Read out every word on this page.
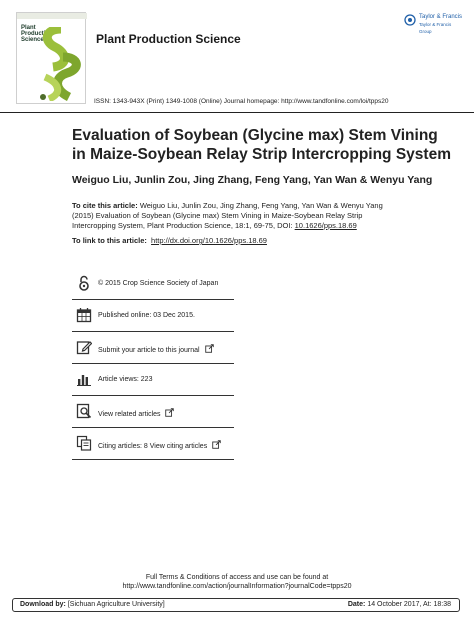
Plant Production Science	Plant Production Science
Taylor & Francis
Taylor & Francis Group
ISSN: 1343-943X (Print) 1349-1008 (Online) Journal homepage: http://www.tandfonline.com/loi/tpps20
Evaluation of Soybean (Glycine max) Stem Vining in Maize-Soybean Relay Strip Intercropping System
Weiguo Liu, Junlin Zou, Jing Zhang, Feng Yang, Yan Wan & Wenyu Yang
To cite this article: Weiguo Liu, Junlin Zou, Jing Zhang, Feng Yang, Yan Wan & Wenyu Yang (2015) Evaluation of Soybean (Glycine max) Stem Vining in Maize-Soybean Relay Strip Intercropping System, Plant Production Science, 18:1, 69-75, DOI: 10.1626/pps.18.69
To link to this article: http://dx.doi.org/10.1626/pps.18.69
© 2015 Crop Science Society of Japan
Published online: 03 Dec 2015.
Submit your article to this journal
Article views: 223
View related articles
Citing articles: 8 View citing articles
Full Terms & Conditions of access and use can be found at
http://www.tandfonline.com/action/journalInformation?journalCode=tpps20
Download by: [Sichuan Agriculture University]	Date: 14 October 2017, At: 18:38
